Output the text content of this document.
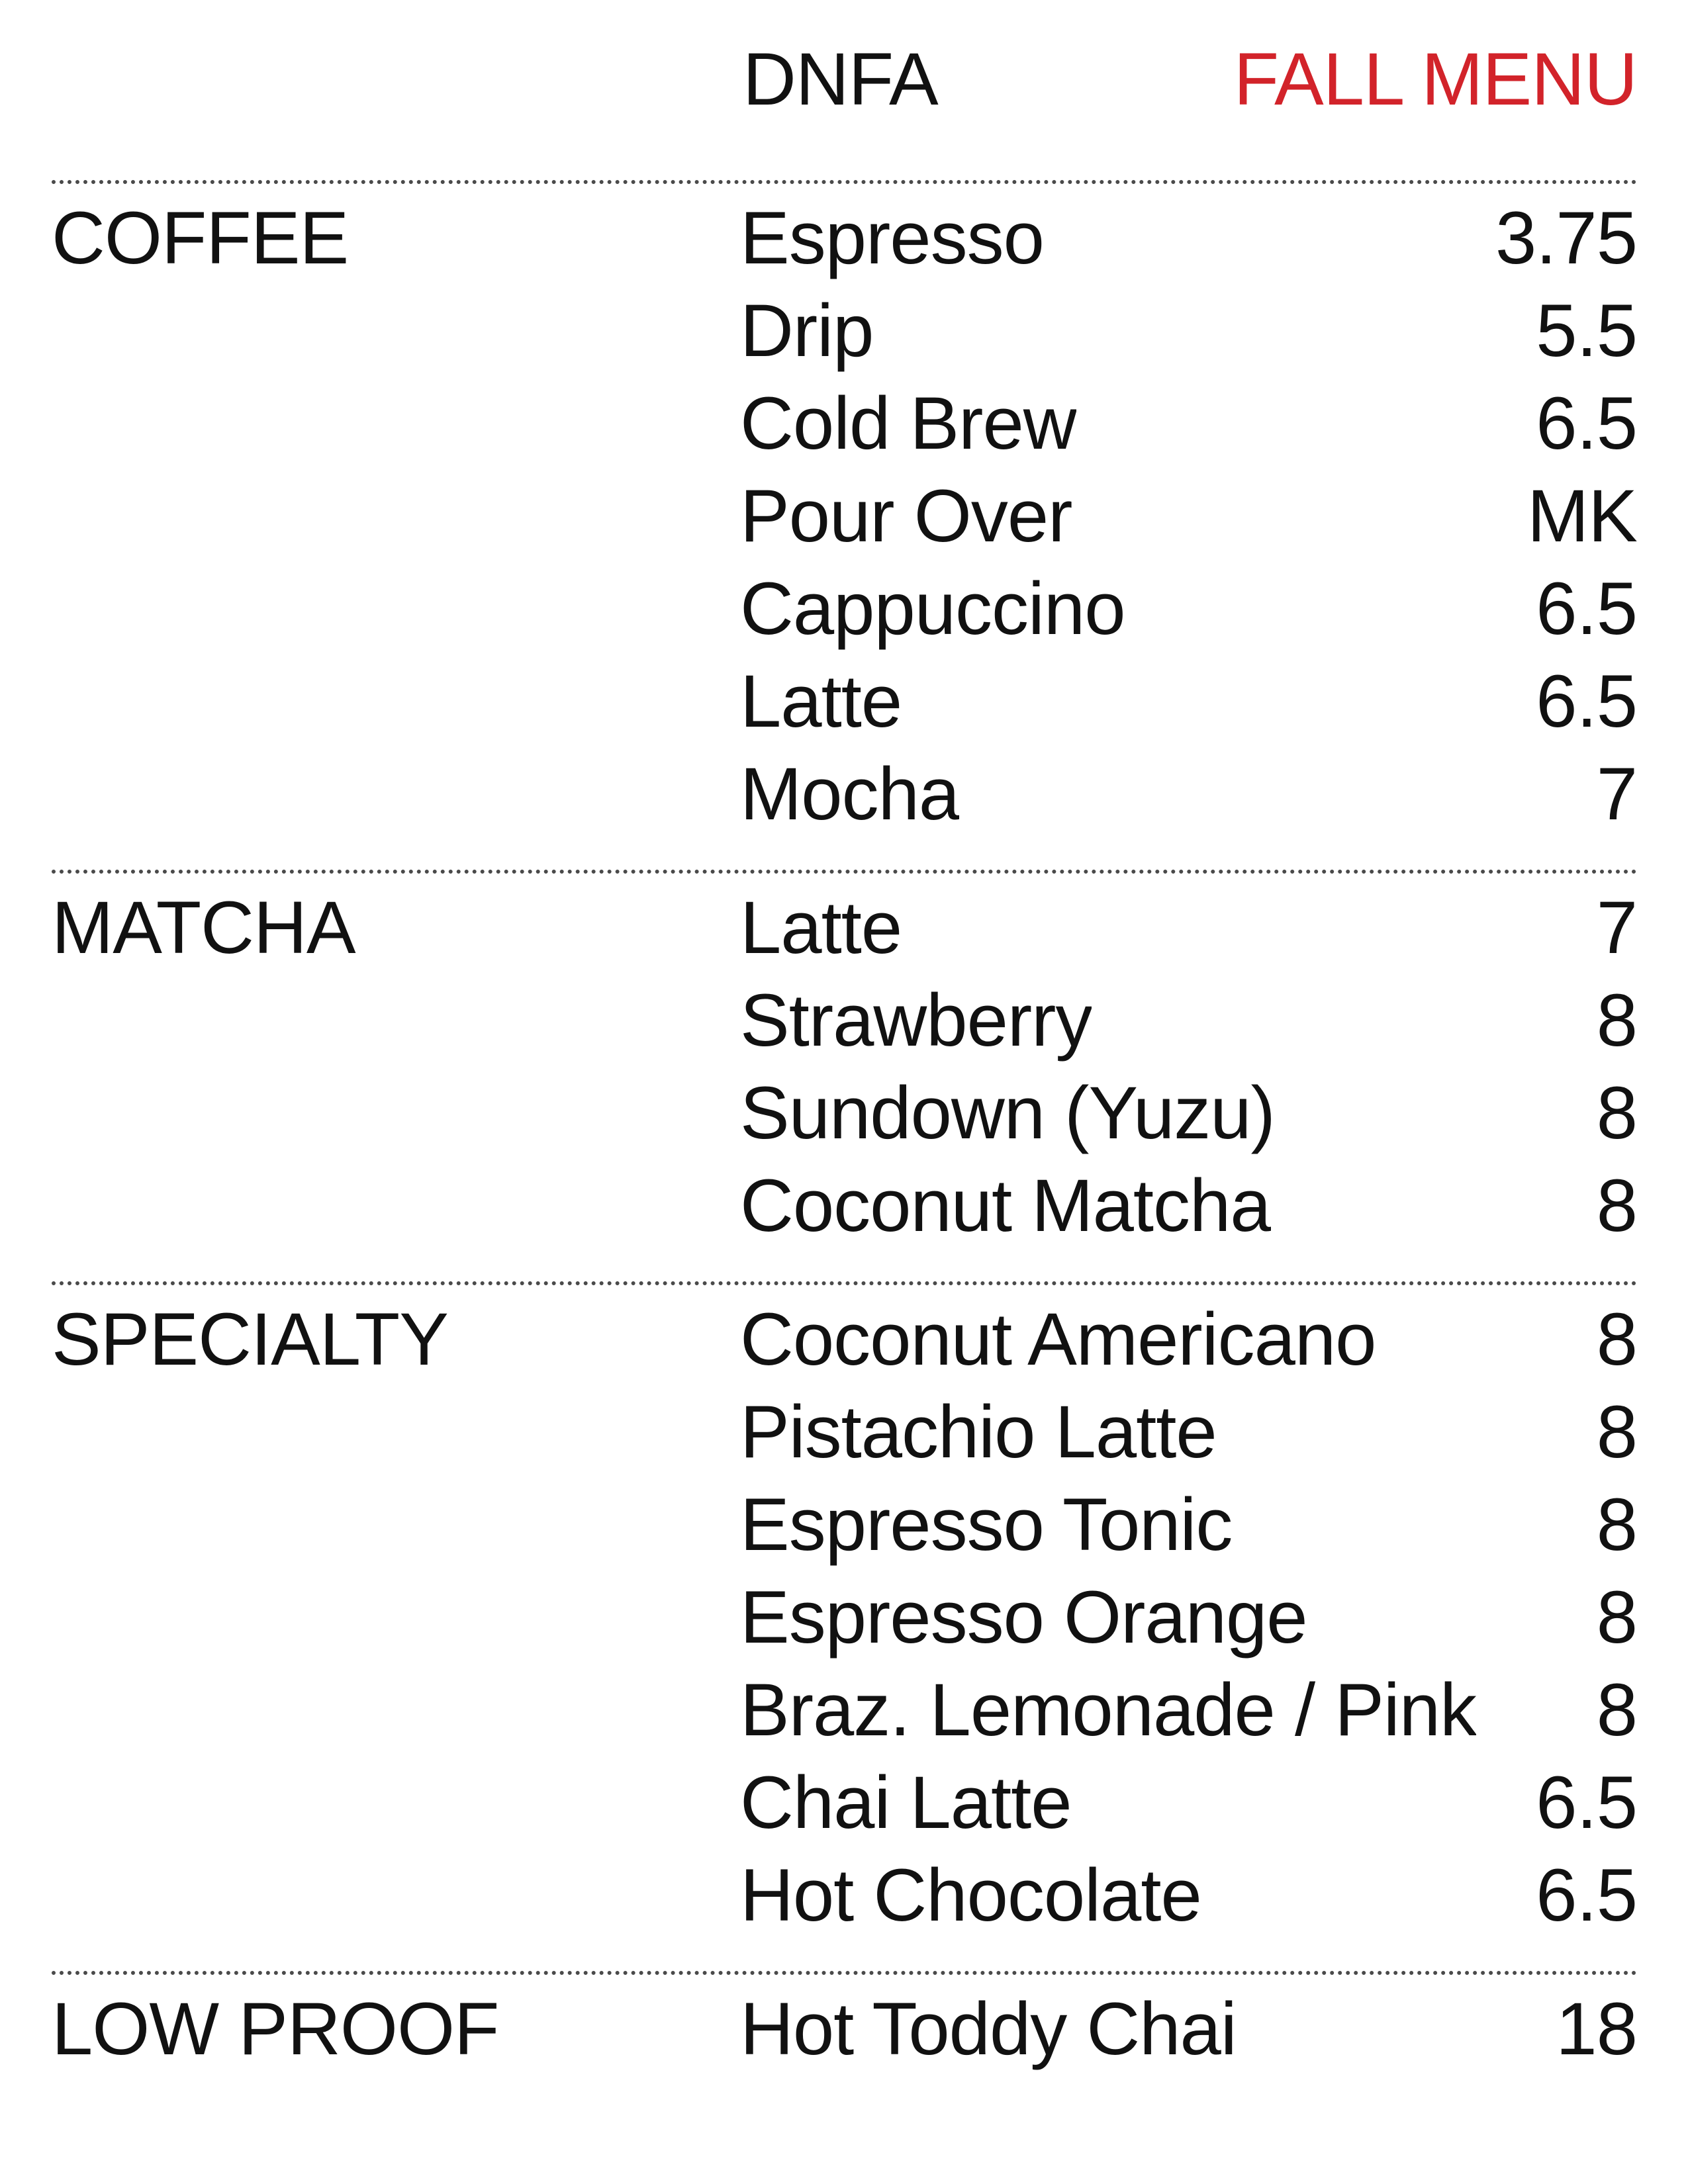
DNFA	FALL MENU
COFFEE	Espresso	3.75
Drip	5.5
Cold Brew	6.5
Pour Over	MK
Cappuccino	6.5
Latte	6.5
Mocha	7
MATCHA	Latte	7
Strawberry	8
Sundown (Yuzu)	8
Coconut Matcha	8
SPECIALTY	Coconut Americano	8
Pistachio Latte	8
Espresso Tonic	8
Espresso Orange	8
Braz. Lemonade / Pink	8
Chai Latte	6.5
Hot Chocolate	6.5
LOW PROOF	Hot Toddy Chai	18
